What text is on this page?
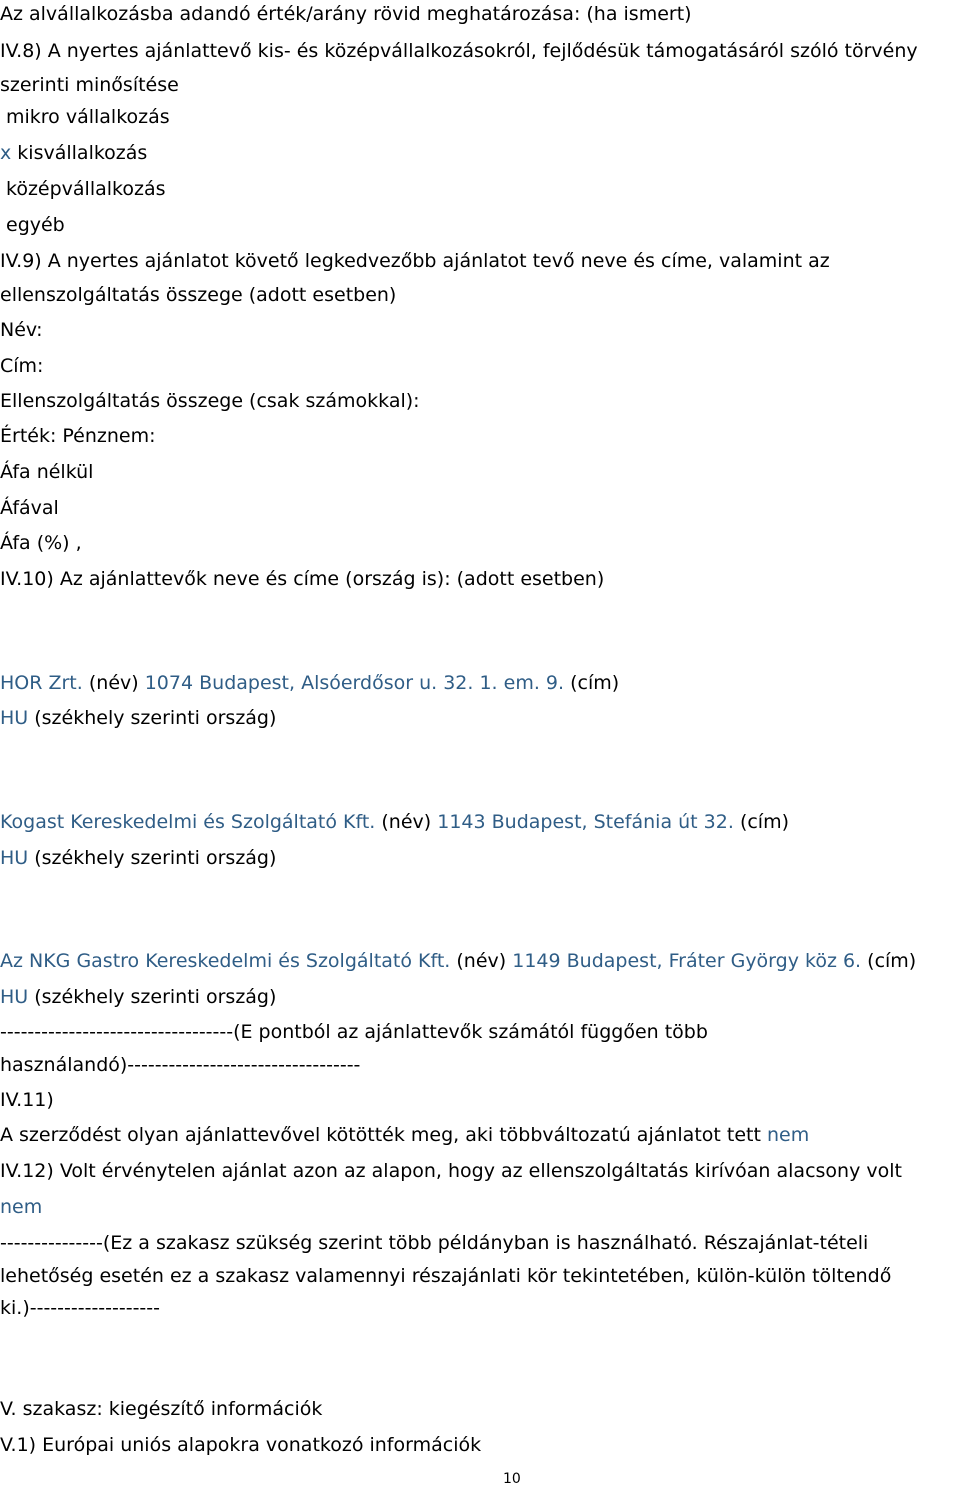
Az alvállalkozásba adandó érték/arány rövid meghatározása: (ha ismert)
IV.8) A nyertes ajánlattevő kis- és középvállalkozásokról, fejlődésük támogatásáról szóló törvény
szerinti minősítése
mikro vállalkozás
x kisvállalkozás
középvállalkozás
egyéb
IV.9) A nyertes ajánlatot követő legkedvezőbb ajánlatot tevő neve és címe, valamint az
ellenszolgáltatás összege (adott esetben)
Név:
Cím:
Ellenszolgáltatás összege (csak számokkal):
Érték: Pénznem:
Áfa nélkül
Áfával
Áfa (%) ,
IV.10) Az ajánlattevők neve és címe (ország is): (adott esetben)
HOR Zrt. (név) 1074 Budapest, Alsóerdősor u. 32. 1. em. 9. (cím)
HU (székhely szerinti ország)
Kogast Kereskedelmi és Szolgáltató Kft. (név) 1143 Budapest, Stefánia út 32. (cím)
HU (székhely szerinti ország)
Az NKG Gastro Kereskedelmi és Szolgáltató Kft. (név) 1149 Budapest, Fráter György köz 6. (cím)
HU (székhely szerinti ország)
----------------------------------(E pontból az ajánlattevők számától függően több
használandó)----------------------------------
IV.11)
A szerződést olyan ajánlattevővel kötötték meg, aki többváltozatú ajánlatot tett nem
IV.12) Volt érvénytelen ajánlat azon az alapon, hogy az ellenszolgáltatás kirívóan alacsony volt
nem
---------------(Ez a szakasz szükség szerint több példányban is használható. Részajánlat-tételi
lehetőség esetén ez a szakasz valamennyi részajánlati kör tekintetében, külön-külön töltendő
ki.)-------------------
V. szakasz: kiegészítő információk
V.1) Európai uniós alapokra vonatkozó információk
10
